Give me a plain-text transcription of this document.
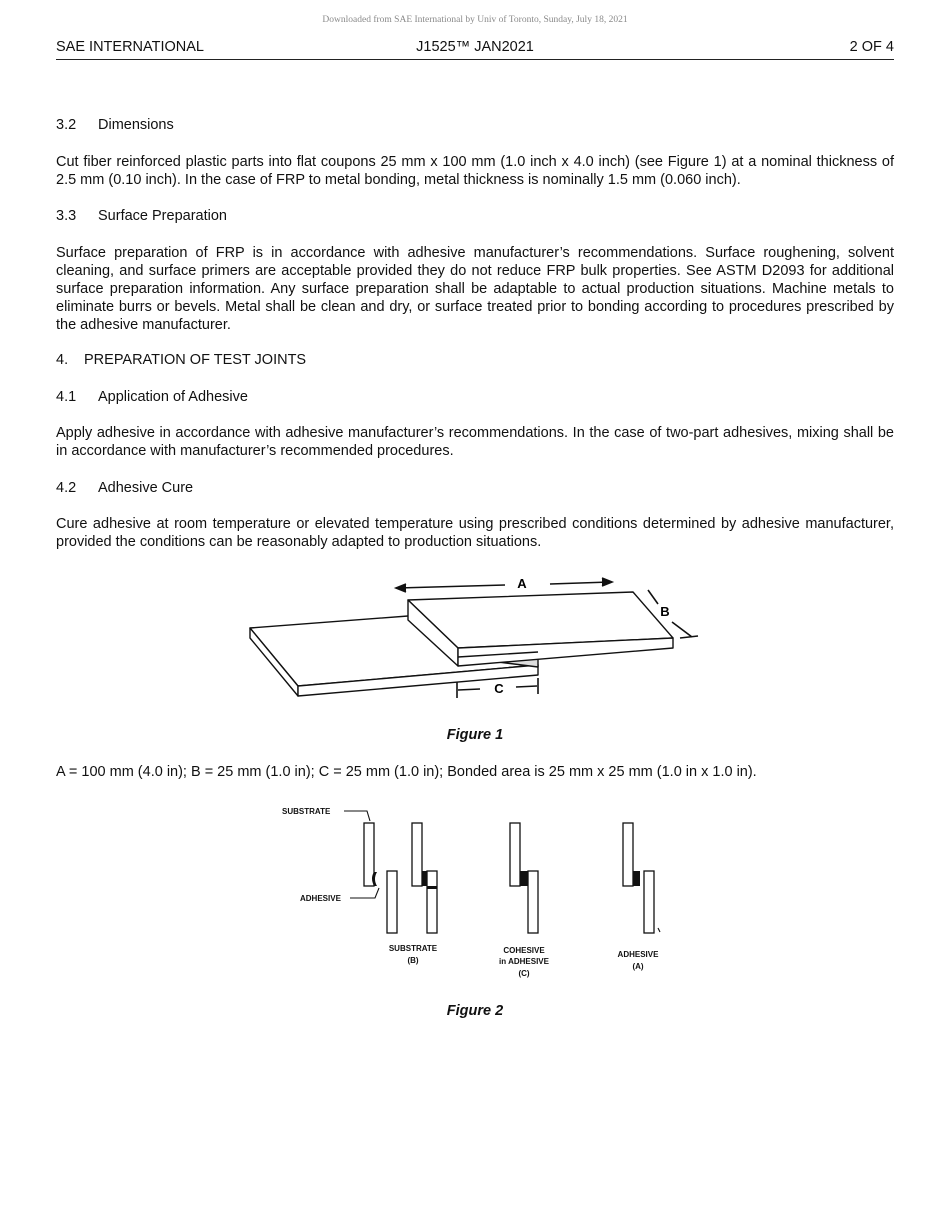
Downloaded from SAE International by Univ of Toronto, Sunday, July 18, 2021
SAE INTERNATIONAL	J1525™ JAN2021	2 OF 4
3.2 Dimensions
Cut fiber reinforced plastic parts into flat coupons 25 mm x 100 mm (1.0 inch x 4.0 inch) (see Figure 1) at a nominal thickness of 2.5 mm (0.10 inch). In the case of FRP to metal bonding, metal thickness is nominally 1.5 mm (0.060 inch).
3.3 Surface Preparation
Surface preparation of FRP is in accordance with adhesive manufacturer’s recommendations. Surface roughening, solvent cleaning, and surface primers are acceptable provided they do not reduce FRP bulk properties. See ASTM D2093 for additional surface preparation information. Any surface preparation shall be adaptable to actual production situations. Machine metals to eliminate burrs or bevels. Metal shall be clean and dry, or surface treated prior to bonding according to procedures prescribed by the adhesive manufacturer.
4. PREPARATION OF TEST JOINTS
4.1 Application of Adhesive
Apply adhesive in accordance with adhesive manufacturer’s recommendations. In the case of two-part adhesives, mixing shall be in accordance with manufacturer’s recommended procedures.
4.2 Adhesive Cure
Cure adhesive at room temperature or elevated temperature using prescribed conditions determined by adhesive manufacturer, provided the conditions can be reasonably adapted to production situations.
A
B
C
Figure 1
A = 100 mm (4.0 in); B = 25 mm (1.0 in); C = 25 mm (1.0 in); Bonded area is 25 mm x 25 mm (1.0 in x 1.0 in).
SUBSTRATE
ADHESIVE
SUBSTRATE
(B)
COHESIVE
in ADHESIVE
(C)
ADHESIVE
(A)
Figure 2
